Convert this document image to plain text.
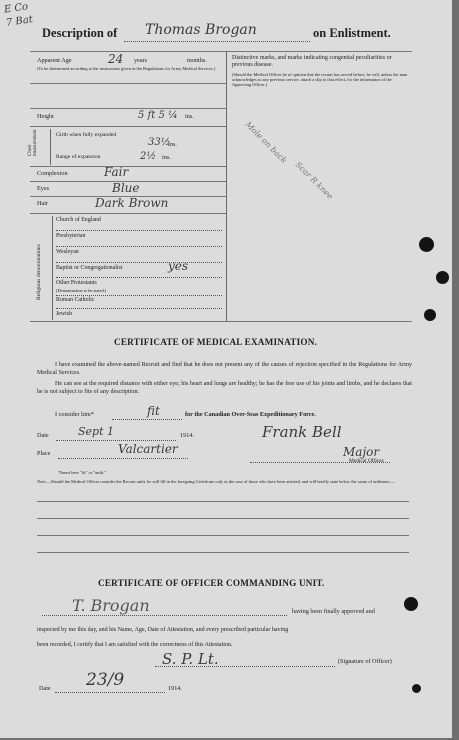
E Co
7 Bat
Description of Thomas Brogan	on Enlistment.
Apparent Age	24 years	months.
(To be determined according to the instructions given in the Regulations for Army Medical Services.)
Distinctive marks, and marks indicating congenital peculiarities or previous disease.
(Should the Medical Officer be of opinion that the recruit has served before, he will, unless the man acknowledges to any previous service, attach a slip to that effect, for the information of the Approving Officer.)
Mole on back
Scar R knee
Height	5 ft 5 ¼ ins.
Chest measurement	Girth when fully expanded
33½
ins.
Range of expansion	2½ ins.
Complexion	Fair
Eyes	Blue
Hair	Dark Brown
Religious denominations
Church of England
Presbyterian
Wesleyan
Baptist or Congregationalist	yes
Other Protestants
(Denomination to be stated.)
Roman Catholic
Jewish
CERTIFICATE OF MEDICAL EXAMINATION.
I have examined the above-named Recruit and find that he does not present any of the causes of rejection specified in the Regulations for Army Medical Services.
He can see at the required distance with either eye; his heart and lungs are healthy; he has the free use of his joints and limbs, and he declares that he is not subject to fits of any description.
I consider him*	fit	for the Canadian Over-Seas Expeditionary Force.
Date	Sept 1	1914.	Frank Bell
Place	Valcartier	Major
Medical Officer.
*Insert here "fit" or "unfit."
Note.—Should the Medical Officer consider the Recruit unfit, he will fill in the foregoing Certificate only in the case of those who have been attested, and will briefly state below the cause of unfitness:—
CERTIFICATE OF OFFICER COMMANDING UNIT.
T. Brogan	having been finally approved and
inspected by me this day, and his Name, Age, Date of Attestation, and every prescribed particular having
been recorded, I certify that I am satisfied with the correctness of this Attestation.
S. P. Lt.	(Signature of Officer)
Date 23/9	1914.
